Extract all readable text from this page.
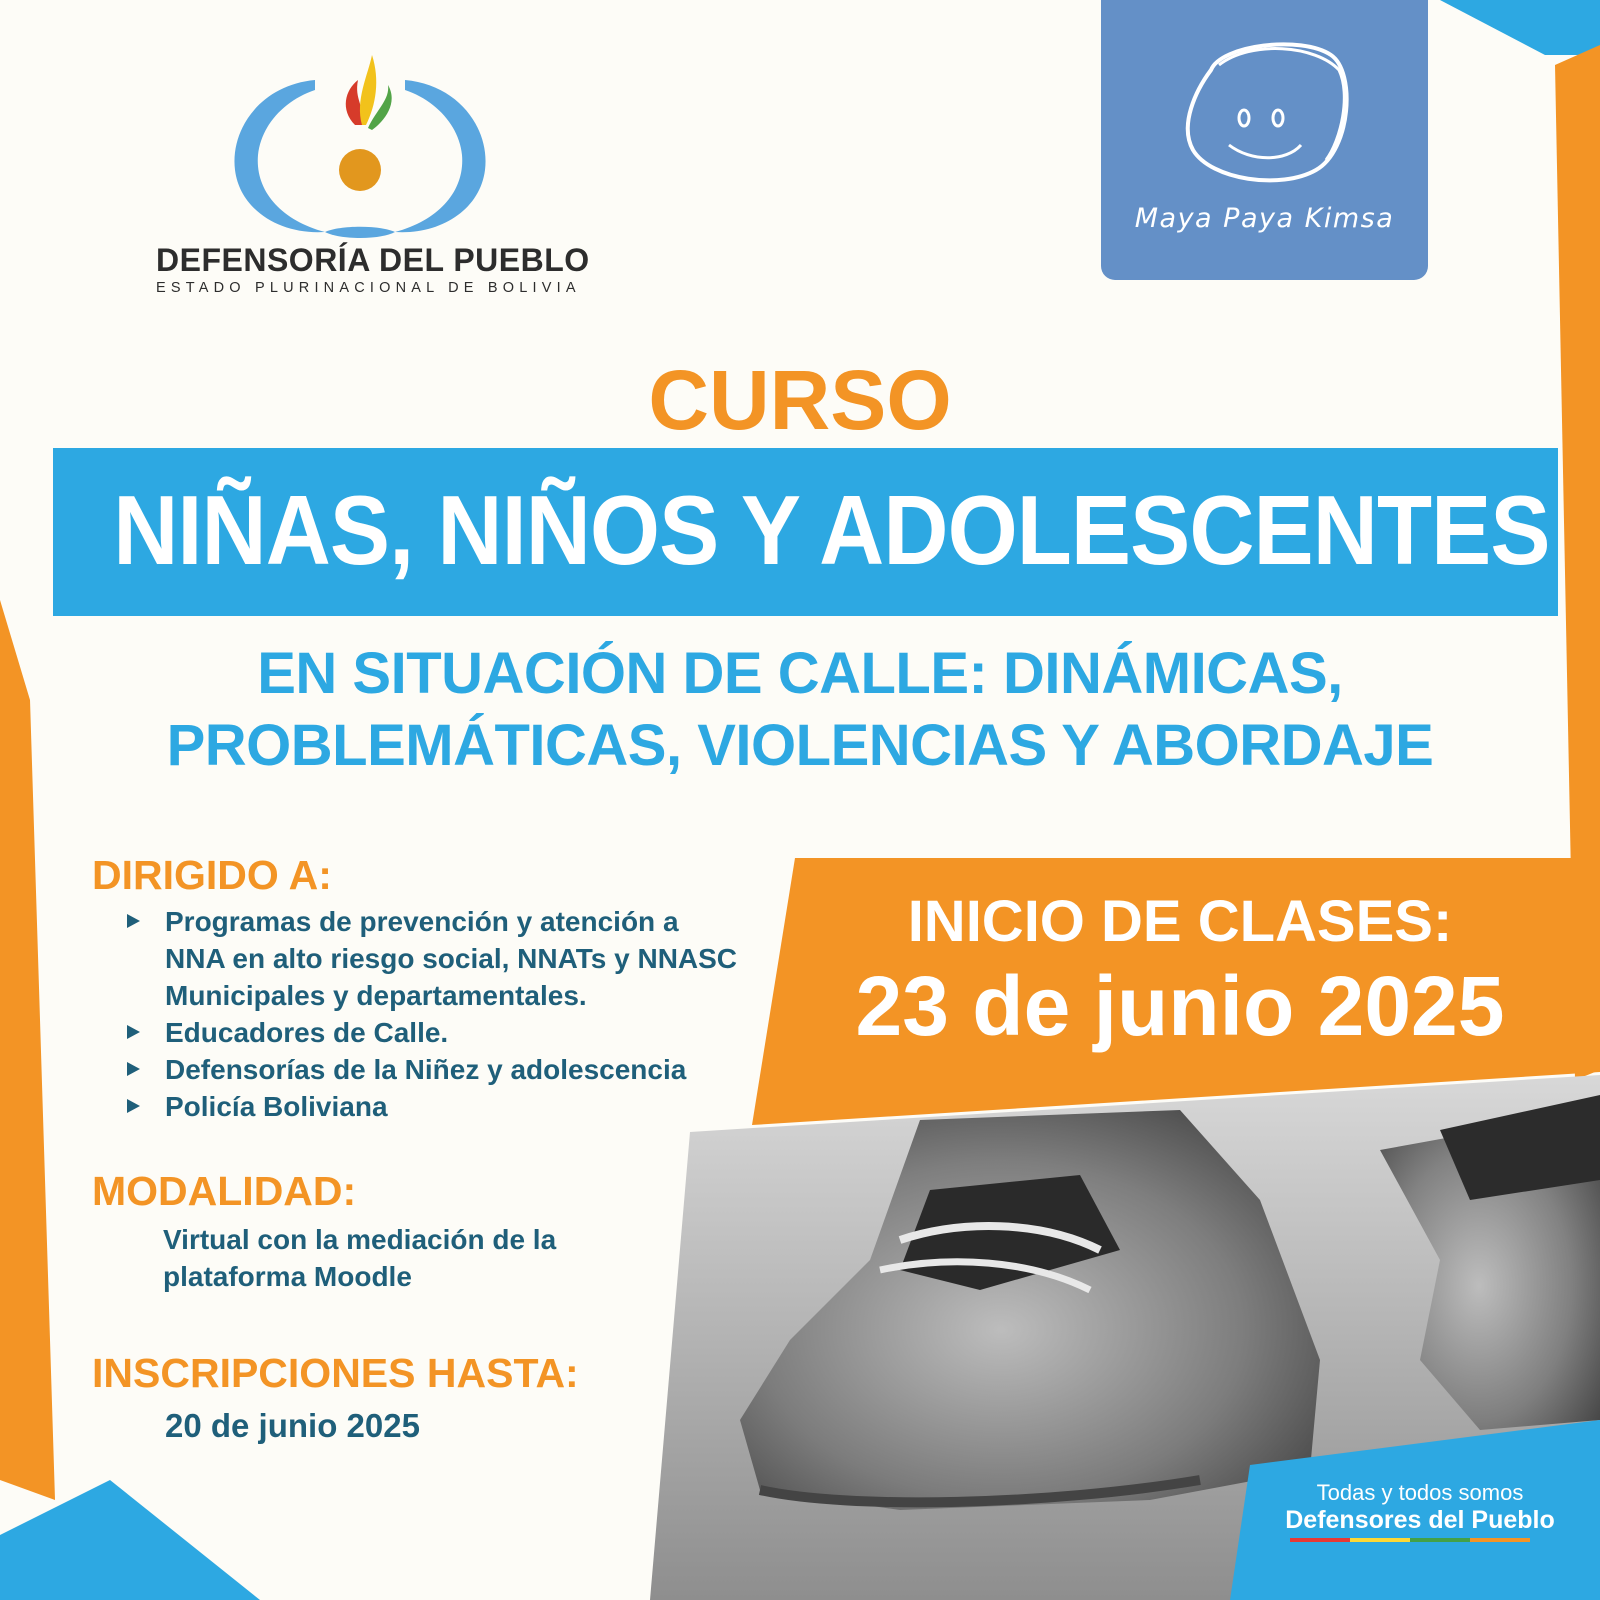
DEFENSORÍA DEL PUEBLO
ESTADO PLURINACIONAL DE BOLIVIA
Maya Paya Kimsa
CURSO
NIÑAS, NIÑOS Y ADOLESCENTES
EN SITUACIÓN DE CALLE: DINÁMICAS,
PROBLEMÁTICAS, VIOLENCIAS Y ABORDAJE
DIRIGIDO A:
Programas de prevención y atención a NNA en alto riesgo social, NNATs y NNASC Municipales y departamentales.
Educadores de Calle.
Defensorías de la Niñez y adolescencia
Policía Boliviana
MODALIDAD:
Virtual con la mediación de la
plataforma Moodle
INSCRIPCIONES HASTA:
20 de junio 2025
INICIO DE CLASES:
23 de junio 2025
Todas y todos somos
Defensores del Pueblo
